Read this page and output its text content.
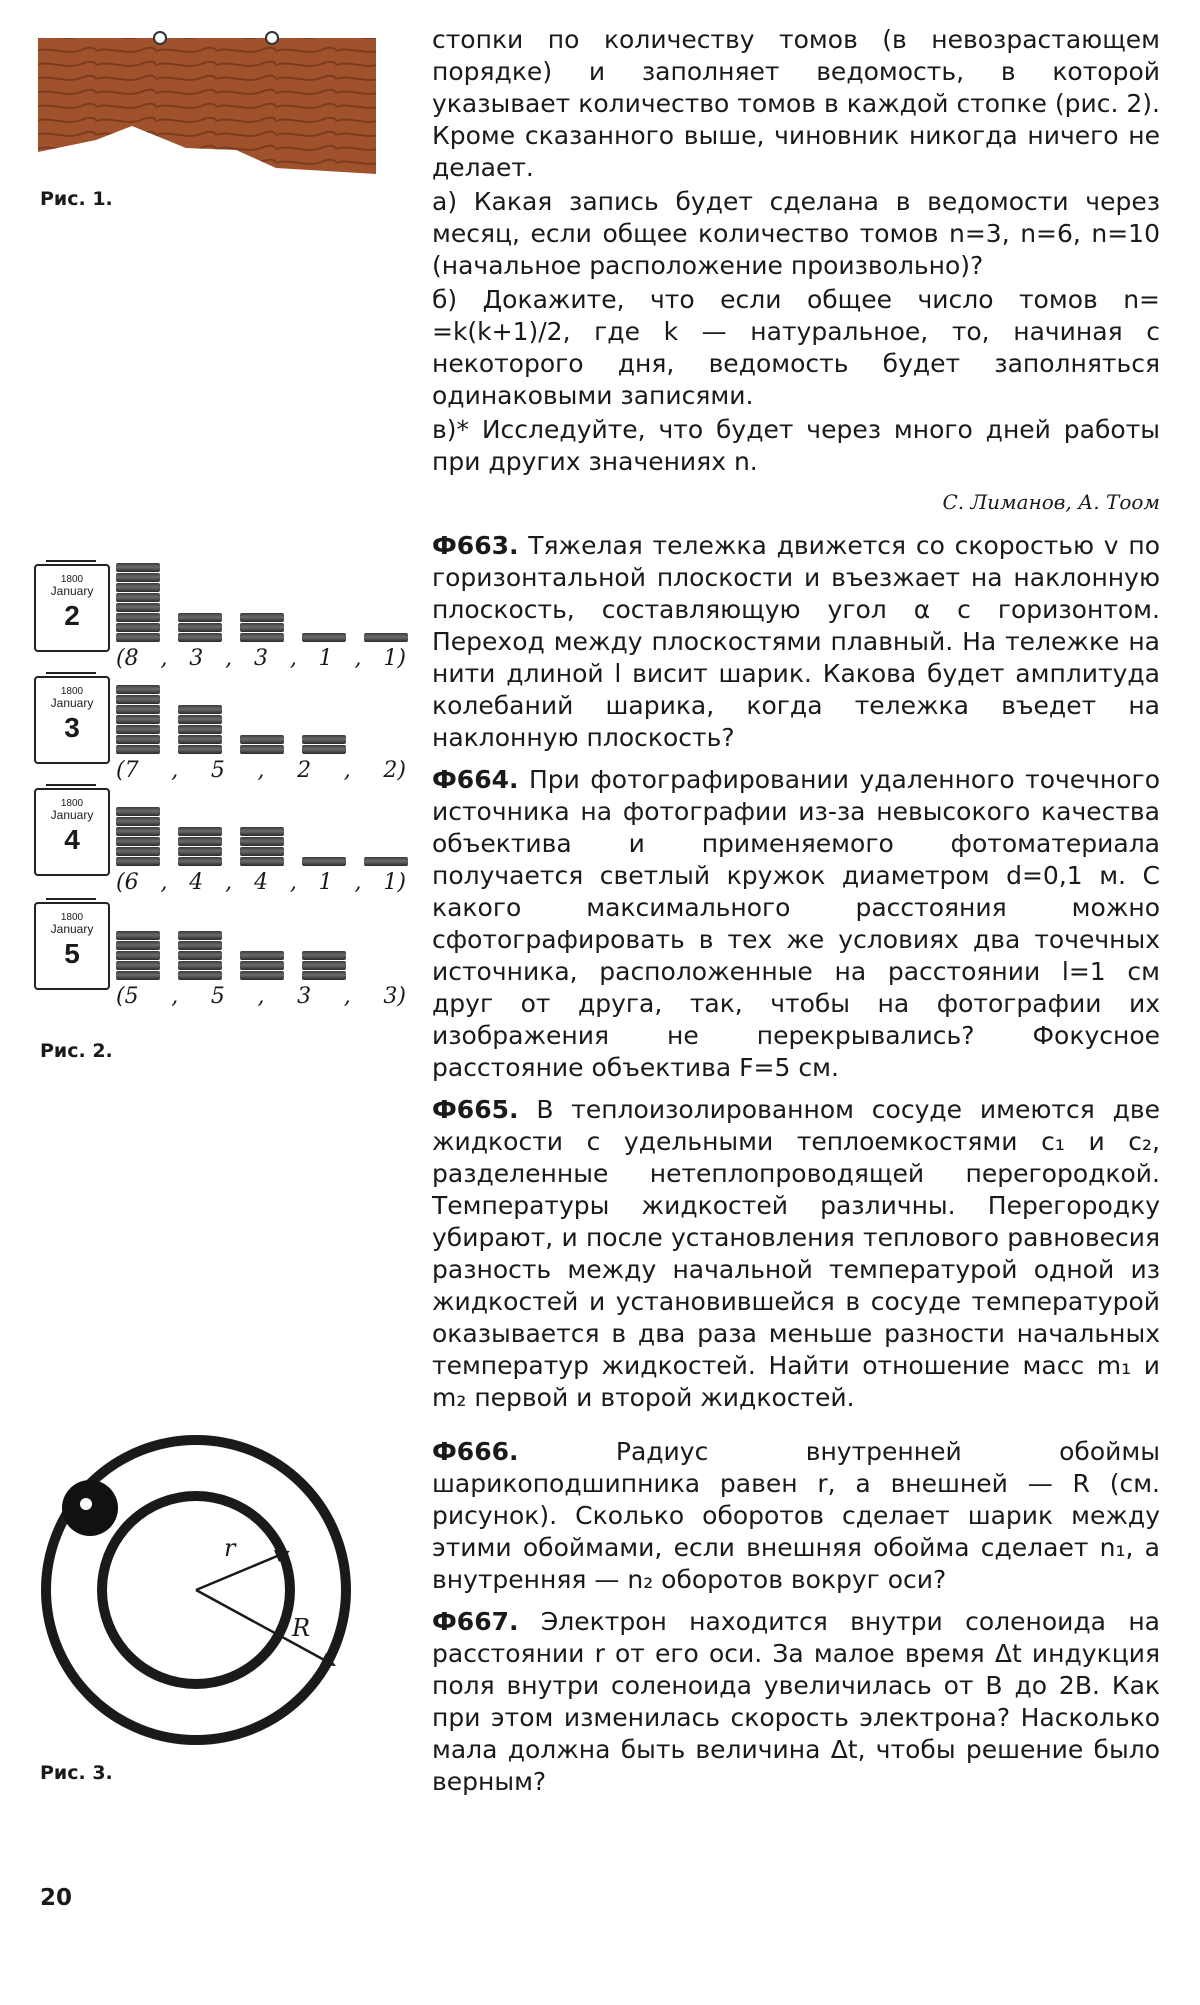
Рис. 1.
1800
January
2
(8 , 3 , 3 , 1 , 1)
1800
January
3
(7 , 5 , 2 , 2)
1800
January
4
(6 , 4 , 4 , 1 , 1)
1800
January
5
(5 , 5 , 3 , 3)
Рис. 2.
r
R
Рис. 3.

стопки по количеству томов (в невозрастающем порядке) и заполняет ведомость, в которой указывает количество томов в каждой стопке (рис. 2). Кроме сказанного выше, чиновник никогда ничего не делает.

а) Какая запись будет сделана в ведомости через месяц, если общее количество томов n=3, n=6, n=10 (начальное расположение произвольно)?

б) Докажите, что если общее число томов n= =k(k+1)/2, где k — натуральное, то, начиная с некоторого дня, ведомость будет заполняться одинаковыми записями.

в)* Исследуйте, что будет через много дней работы при других значениях n.

С. Лиманов, А. Тоом

Ф663. Тяжелая тележка движется со скоростью v по горизонтальной плоскости и въезжает на наклонную плоскость, составляющую угол α с горизонтом. Переход между плоскостями плавный. На тележке на нити длиной l висит шарик. Какова будет амплитуда колебаний шарика, когда тележка въедет на наклонную плоскость?

Ф664. При фотографировании удаленного точечного источника на фотографии из-за невысокого качества объектива и применяемого фотоматериала получается светлый кружок диаметром d=0,1 м. С какого максимального расстояния можно сфотографировать в тех же условиях два точечных источника, расположенные на расстоянии l=1 см друг от друга, так, чтобы на фотографии их изображения не перекрывались? Фокусное расстояние объектива F=5 см.

Ф665. В теплоизолированном сосуде имеются две жидкости с удельными теплоемкостями c₁ и c₂, разделенные нетеплопроводящей перегородкой. Температуры жидкостей различны. Перегородку убирают, и после установления теплового равновесия разность между начальной температурой одной из жидкостей и установившейся в сосуде температурой оказывается в два раза меньше разности начальных температур жидкостей. Найти отношение масс m₁ и m₂ первой и второй жидкостей.

Ф666.	Радиус внутренней обоймы шарикоподшипника равен r, а внешней — R (см. рисунок). Сколько оборотов сделает шарик между этими обоймами, если внешняя обойма сделает n₁, а внутренняя — n₂ оборотов вокруг оси?

Ф667. Электрон находится внутри соленоида на расстоянии r от его оси. За малое время Δt индукция поля внутри соленоида увеличилась от B до 2B. Как при этом изменилась скорость электрона? Насколько мала должна быть величина Δt, чтобы решение было верным?

20
